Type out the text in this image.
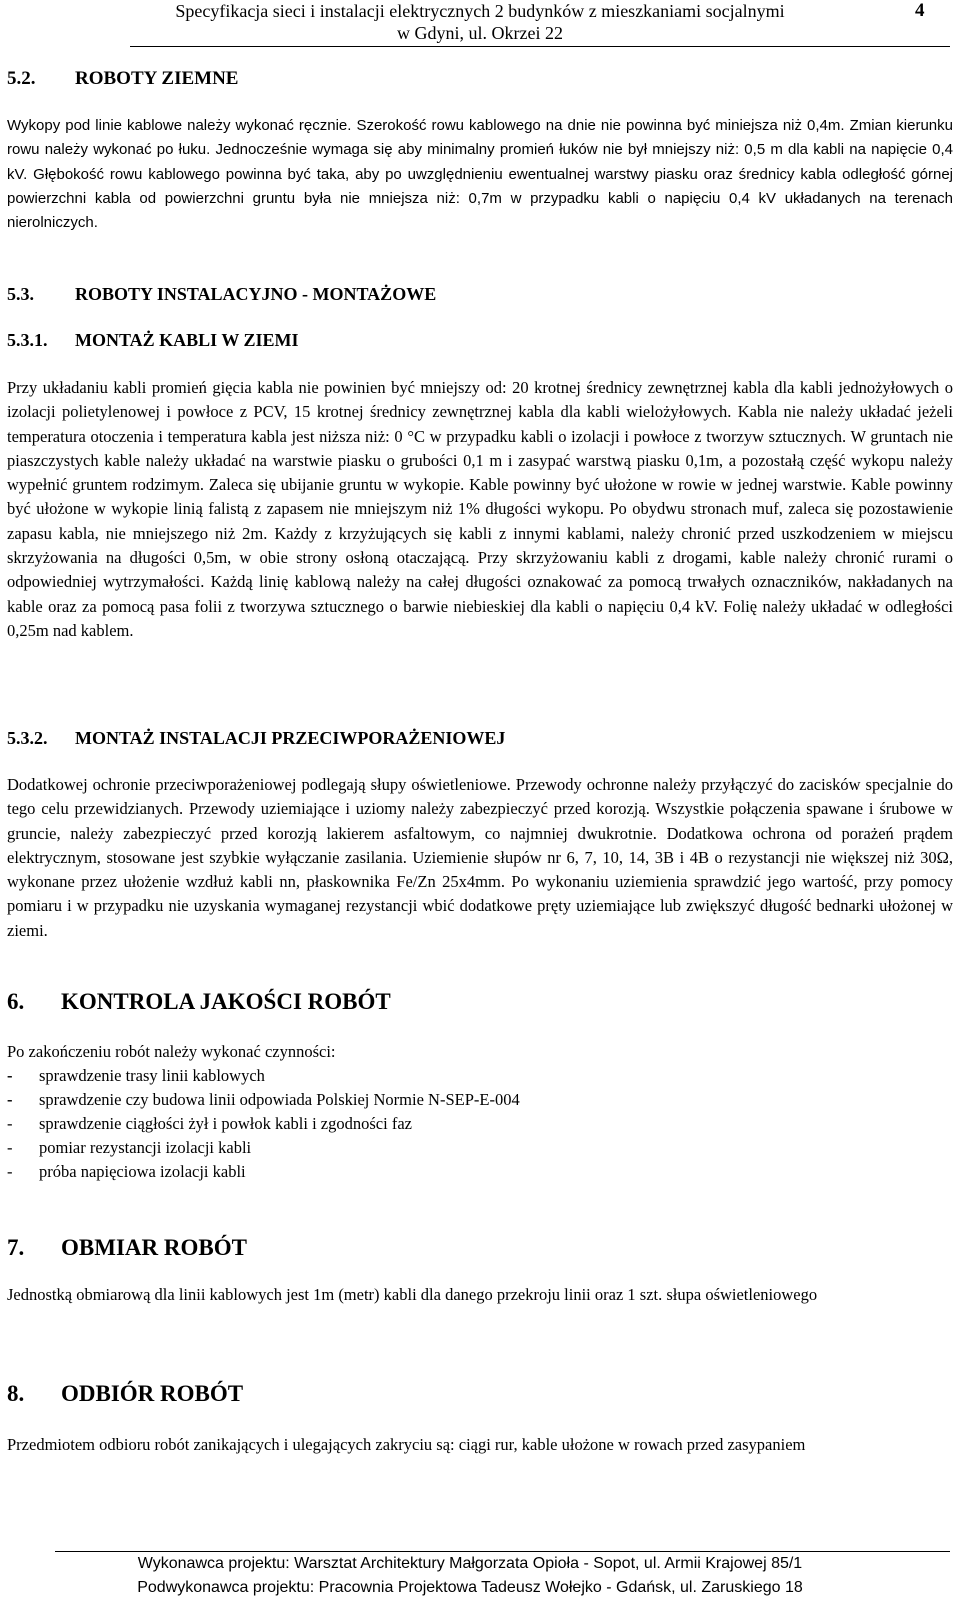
Specyfikacja sieci i instalacji elektrycznych 2 budynków z mieszkaniami socjalnymi
w Gdyni, ul. Okrzei 22
4
5.2. ROBOTY ZIEMNE

Wykopy pod linie kablowe należy wykonać ręcznie. Szerokość rowu kablowego na dnie nie powinna być miniejsza niż 0,4m. Zmian kierunku rowu należy wykonać po łuku. Jednocześnie wymaga się aby minimalny promień łuków nie był mniejszy niż: 0,5 m dla kabli na napięcie 0,4 kV. Głębokość rowu kablowego powinna być taka, aby po uwzględnieniu ewentualnej warstwy piasku oraz średnicy kabla odległość górnej powierzchni kabla od powierzchni gruntu była nie mniejsza niż: 0,7m w przypadku kabli o napięciu 0,4 kV układanych na terenach nierolniczych.

5.3. ROBOTY INSTALACYJNO - MONTAŻOWE
5.3.1. MONTAŻ KABLI W ZIEMI

Przy układaniu kabli promień gięcia kabla nie powinien być mniejszy od: 20 krotnej średnicy zewnętrznej kabla dla kabli jednożyłowych o izolacji polietylenowej i powłoce z PCV, 15 krotnej średnicy zewnętrznej kabla dla kabli wielożyłowych. Kabla nie należy układać jeżeli temperatura otoczenia i temperatura kabla jest niższa niż: 0 °C w przypadku kabli o izolacji i powłoce z tworzyw sztucznych. W gruntach nie piaszczystych kable należy układać na warstwie piasku o grubości 0,1 m i zasypać warstwą piasku 0,1m, a pozostałą część wykopu należy wypełnić gruntem rodzimym. Zaleca się ubijanie gruntu w wykopie. Kable powinny być ułożone w rowie w jednej warstwie. Kable powinny być ułożone w wykopie linią falistą z zapasem nie mniejszym niż 1% długości wykopu. Po obydwu stronach muf, zaleca się pozostawienie zapasu kabla, nie mniejszego niż 2m. Każdy z krzyżujących się kabli z innymi kablami, należy chronić przed uszkodzeniem w miejscu skrzyżowania na długości 0,5m, w obie strony osłoną otaczającą. Przy skrzyżowaniu kabli z drogami, kable należy chronić rurami o odpowiedniej wytrzymałości. Każdą linię kablową należy na całej długości oznakować za pomocą trwałych oznaczników, nakładanych na kable oraz za pomocą pasa folii z tworzywa sztucznego o barwie niebieskiej dla kabli o napięciu 0,4 kV. Folię należy układać w odległości 0,25m nad kablem.

5.3.2. MONTAŻ INSTALACJI PRZECIWPORAŻENIOWEJ

Dodatkowej ochronie przeciwporażeniowej podlegają słupy oświetleniowe. Przewody ochronne należy przyłączyć do zacisków specjalnie do tego celu przewidzianych. Przewody uziemiające i uziomy należy zabezpieczyć przed korozją. Wszystkie połączenia spawane i śrubowe w gruncie, należy zabezpieczyć przed korozją lakierem asfaltowym, co najmniej dwukrotnie. Dodatkowa ochrona od porażeń prądem elektrycznym, stosowane jest szybkie wyłączanie zasilania. Uziemienie słupów nr 6, 7, 10, 14, 3B i 4B o rezystancji nie większej niż 30Ω, wykonane przez ułożenie wzdłuż kabli nn, płaskownika Fe/Zn 25x4mm. Po wykonaniu uziemienia sprawdzić jego wartość, przy pomocy pomiaru i w przypadku nie uzyskania wymaganej rezystancji wbić dodatkowe pręty uziemiające lub zwiększyć długość bednarki ułożonej w ziemi.

6. KONTROLA JAKOŚCI ROBÓT
Po zakończeniu robót należy wykonać czynności:
- sprawdzenie trasy linii kablowych
- sprawdzenie czy budowa linii odpowiada Polskiej Normie N-SEP-E-004
- sprawdzenie ciągłości żył i powłok kabli i zgodności faz
- pomiar rezystancji izolacji kabli
- próba napięciowa izolacji kabli
7. OBMIAR ROBÓT

Jednostką obmiarową dla linii kablowych jest 1m (metr) kabli dla danego przekroju linii oraz 1 szt. słupa oświetleniowego

8. ODBIÓR ROBÓT

Przedmiotem odbioru robót zanikających i ulegających zakryciu są: ciągi rur, kable ułożone w rowach przed zasypaniem

Wykonawca projektu: Warsztat Architektury Małgorzata Opioła - Sopot, ul. Armii Krajowej 85/1
Podwykonawca projektu: Pracownia Projektowa Tadeusz Wołejko - Gdańsk, ul. Zaruskiego 18
